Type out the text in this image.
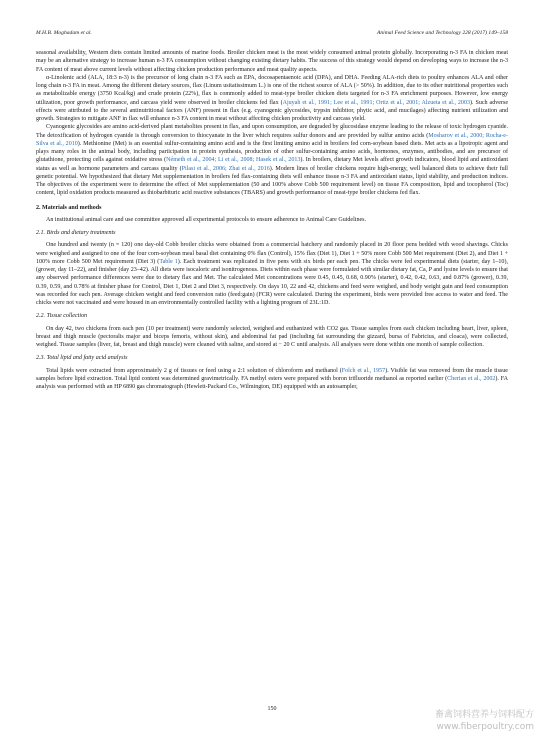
M.H.B. Moghadam et al.	Animal Feed Science and Technology 228 (2017) 149–158

seasonal availability, Western diets contain limited amounts of marine foods. Broiler chicken meat is the most widely consumed animal protein globally. Incorporating n-3 FA in chicken meat may be an alternative strategy to increase human n-3 FA consumption without changing existing dietary habits. The success of this strategy would depend on developing ways to increase the n-3 FA content of meat above current levels without affecting chicken production performance and meat quality aspects.

α-Linolenic acid (ALA, 18:3 n-3) is the precursor of long chain n-3 FA such as EPA, docosapentaenoic acid (DPA), and DHA. Feeding ALA-rich diets to poultry enhances ALA and other long chain n-3 FA in meat. Among the different dietary sources, flax (Linum usitatissimum L.) is one of the richest source of ALA (> 50%). In addition, due to its other nutritional properties such as metabolizable energy (3750 Kcal/kg) and crude protein (22%), flax is commonly added to meat-type broiler chicken diets targeted for n-3 FA enrichment purposes. However, low energy utilization, poor growth performance, and carcass yield were observed in broiler chickens fed flax (Ajuyah et al., 1991; Lee et al., 1991; Ortiz et al., 2001; Alzueta et al., 2003). Such adverse effects were attributed to the several antinutritional factors (ANF) present in flax (e.g. cyanogenic glycosides, trypsin inhibitor, phytic acid, and mucilages) affecting nutrient utilization and growth. Strategies to mitigate ANF in flax will enhance n-3 FA content in meat without affecting chicken productivity and carcass yield.

Cyanogenic glycosides are amino acid-derived plant metabolites present in flax, and upon consumption, are degraded by glucosidase enzyme leading to the release of toxic hydrogen cyanide. The detoxification of hydrogen cyanide is through conversion to thiocyanate in the liver which requires sulfur donors and are provided by sulfur amino acids (Mosharov et al., 2000; Rocha-e-Silva et al., 2010). Methionine (Met) is an essential sulfur-containing amino acid and is the first limiting amino acid in broilers fed corn-soybean based diets. Met acts as a lipotropic agent and plays many roles in the animal body, including participation in protein synthesis, production of other sulfur-containing amino acids, hormones, enzymes, antibodies, and are precursor of glutathione, protecting cells against oxidative stress (Németh et al., 2004; Li et al., 2008; Hasek et al., 2013). In broilers, dietary Met levels affect growth indicators, blood lipid and antioxidant status as well as hormone parameters and carcass quality (Pilasi et al., 2006; Zhai et al., 2016). Modern lines of broiler chickens require high-energy, well balanced diets to achieve their full genetic potential. We hypothesized that dietary Met supplementation in broilers fed flax-containing diets will enhance tissue n-3 FA and antioxidant status, lipid stability, and production indices. The objectives of the experiment were to determine the effect of Met supplementation (50 and 100% above Cobb 500 requirement level) on tissue FA composition, lipid and tocopherol (Toc) content, lipid oxidation products measured as thiobarbituric acid reactive substances (TBARS) and growth performance of meat-type broiler chickens fed flax.

2. Materials and methods

An institutional animal care and use committee approved all experimental protocols to ensure adherence to Animal Care Guidelines.

2.1. Birds and dietary treatments

One hundred and twenty (n = 120) one day-old Cobb broiler chicks were obtained from a commercial hatchery and randomly placed in 20 floor pens bedded with wood shavings. Chicks were weighed and assigned to one of the four corn-soybean meal basal diet containing 0% flax (Control), 15% flax (Diet 1), Diet 1 + 50% more Cobb 500 Met requirement (Diet 2), and Diet 1 + 100% more Cobb 500 Met requirement (Diet 3) (Table 1). Each treatment was replicated in five pens with six birds per each pen. The chicks were fed experimental diets (starter, day 1–10), (grower, day 11–22), and finisher (day 23–42). All diets were isocaloric and isonitrogenous. Diets within each phase were formulated with similar dietary fat, Ca, P and lysine levels to ensure that any observed performance differences were due to dietary flax and Met. The calculated Met concentrations were 0.45, 0.45, 0.68, 0.90% (starter), 0.42, 0.42, 0.63, and 0.87% (grower), 0.39, 0.39, 0.59, and 0.78% at finisher phase for Control, Diet 1, Diet 2 and Diet 3, respectively. On days 10, 22 and 42, chickens and feed were weighed, and body weight gain and feed consumption was recorded for each pen. Average chicken weight and feed conversion ratio (feed:gain) (FCR) were calculated. During the experiment, birds were provided free access to water and feed. The chicks were not vaccinated and were housed in an environmentally controlled facility with a lighting program of 23L:1D.

2.2. Tissue collection

On day 42, two chickens from each pen (10 per treatment) were randomly selected, weighed and euthanized with CO2 gas. Tissue samples from each chicken including heart, liver, spleen, breast and thigh muscle (pectoralis major and biceps femoris, without skin), and abdominal fat pad (including fat surrounding the gizzard, bursa of Fabricius, and cloaca), were collected, weighed. Tissue samples (liver, fat, breast and thigh muscle) were cleaned with saline, and stored at − 20 C until analysis. All analyses were done within one month of sample collection.

2.3. Total lipid and fatty acid analysis

Total lipids were extracted from approximately 2 g of tissues or feed using a 2:1 solution of chloroform and methanol (Folch et al., 1957). Visible fat was removed from the muscle tissue samples before lipid extraction. Total lipid content was determined gravimetrically. FA methyl esters were prepared with boron trifluoride methanol as reported earlier (Cherian et al., 2002). FA analysis was performed with an HP 6890 gas chromatograph (Hewlett-Packard Co., Wilmington, DE) equipped with an autosampler,

150
畜禽饲料营养与饲料配方
www.fiberpoultry.com
